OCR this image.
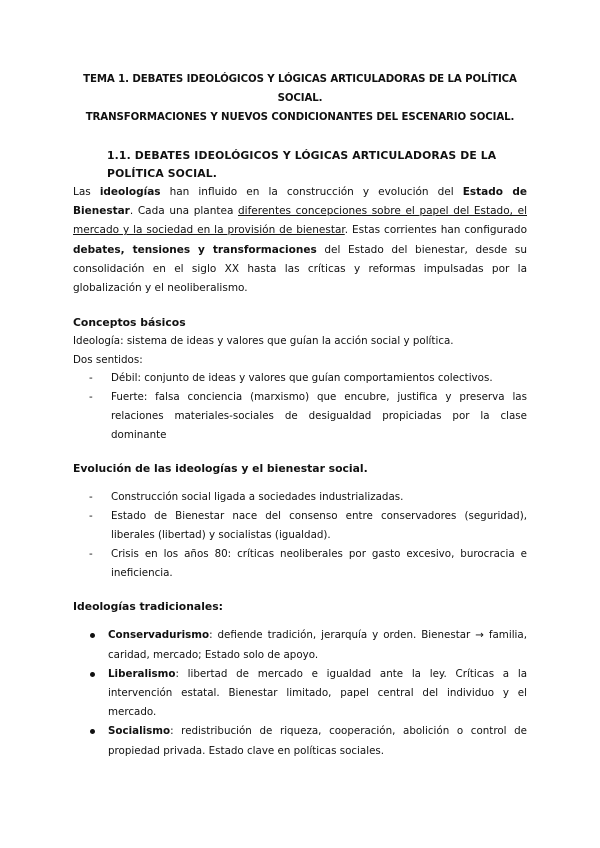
TEMA 1. DEBATES IDEOLÓGICOS Y LÓGICAS ARTICULADORAS DE LA POLÍTICA SOCIAL.
TRANSFORMACIONES Y NUEVOS CONDICIONANTES DEL ESCENARIO SOCIAL.
1.1. DEBATES IDEOLÓGICOS Y LÓGICAS ARTICULADORAS DE LA POLÍTICA SOCIAL.

Las ideologías han influido en la construcción y evolución del Estado de Bienestar. Cada una plantea diferentes concepciones sobre el papel del Estado, el mercado y la sociedad en la provisión de bienestar. Estas corrientes han configurado debates, tensiones y transformaciones del Estado del bienestar, desde su consolidación en el siglo XX hasta las críticas y reformas impulsadas por la globalización y el neoliberalismo.

Conceptos básicos

Ideología: sistema de ideas y valores que guían la acción social y política.

Dos sentidos:

- Débil: conjunto de ideas y valores que guían comportamientos colectivos.
- Fuerte: falsa conciencia (marxismo) que encubre, justifica y preserva las relaciones materiales-sociales de desigualdad propiciadas por la clase dominante
Evolución de las ideologías y el bienestar social.
- Construcción social ligada a sociedades industrializadas.
- Estado de Bienestar nace del consenso entre conservadores (seguridad), liberales (libertad) y socialistas (igualdad).
- Crisis en los años 80: críticas neoliberales por gasto excesivo, burocracia e ineficiencia.
Ideologías tradicionales:
Conservadurismo: defiende tradición, jerarquía y orden. Bienestar → familia, caridad, mercado; Estado solo de apoyo.
Liberalismo: libertad de mercado e igualdad ante la ley. Críticas a la intervención estatal. Bienestar limitado, papel central del individuo y el mercado.
Socialismo: redistribución de riqueza, cooperación, abolición o control de propiedad privada. Estado clave en políticas sociales.
